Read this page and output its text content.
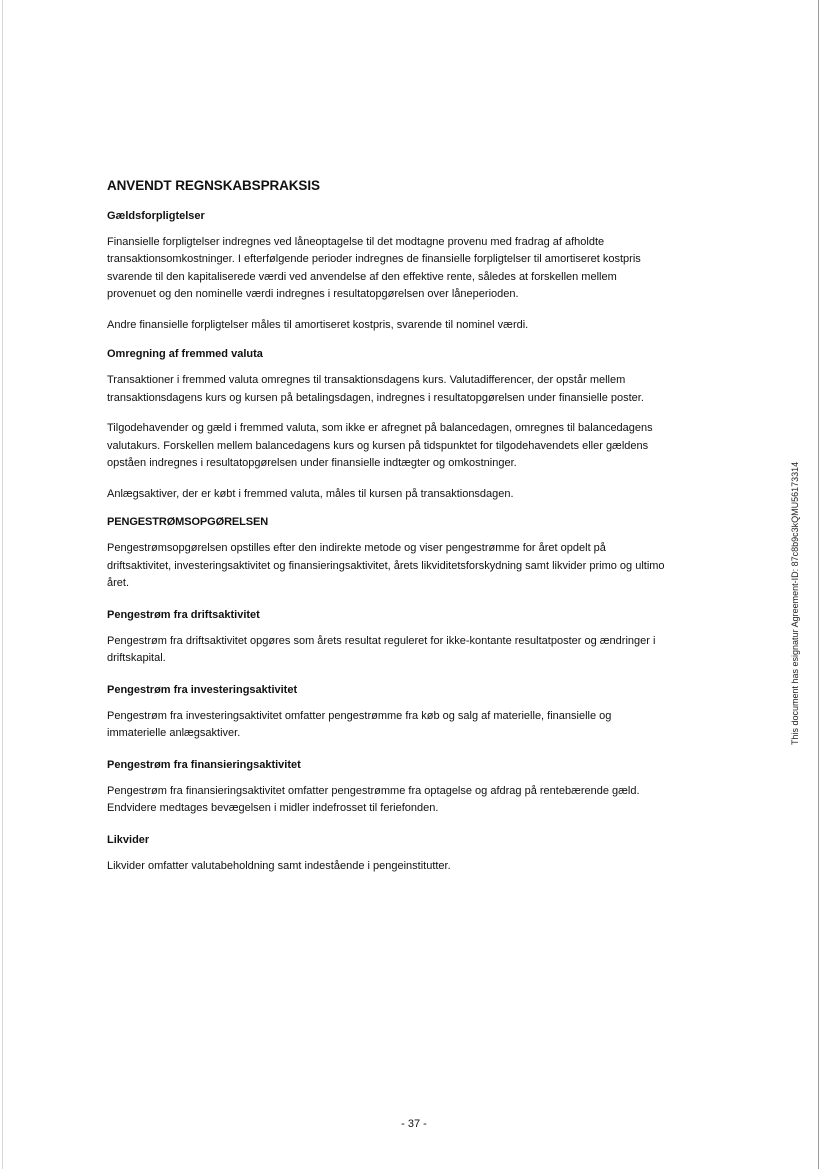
ANVENDT REGNSKABSPRAKSIS
Gældsforpligtelser

Finansielle forpligtelser indregnes ved låneoptagelse til det modtagne provenu med fradrag af afholdte transaktionsomkostninger. I efterfølgende perioder indregnes de finansielle forpligtelser til amortiseret kostpris svarende til den kapitaliserede værdi ved anvendelse af den effektive rente, således at forskellen mellem provenuet og den nominelle værdi indregnes i resultatopgørelsen over låneperioden.

Andre finansielle forpligtelser måles til amortiseret kostpris, svarende til nominel værdi.

Omregning af fremmed valuta

Transaktioner i fremmed valuta omregnes til transaktionsdagens kurs. Valutadifferencer, der opstår mellem transaktionsdagens kurs og kursen på betalingsdagen, indregnes i resultatopgørelsen under finansielle poster.

Tilgodehavender og gæld i fremmed valuta, som ikke er afregnet på balancedagen, omregnes til balancedagens valutakurs. Forskellen mellem balancedagens kurs og kursen på tidspunktet for tilgodehavendets eller gældens opståen indregnes i resultatopgørelsen under finansielle indtægter og omkostninger.

Anlægsaktiver, der er købt i fremmed valuta, måles til kursen på transaktionsdagen.

PENGESTRØMSOPGØRELSEN

Pengestrømsopgørelsen opstilles efter den indirekte metode og viser pengestrømme for året opdelt på driftsaktivitet, investeringsaktivitet og finansieringsaktivitet, årets likviditetsforskydning samt likvider primo og ultimo året.

Pengestrøm fra driftsaktivitet

Pengestrøm fra driftsaktivitet opgøres som årets resultat reguleret for ikke-kontante resultatposter og ændringer i driftskapital.

Pengestrøm fra investeringsaktivitet

Pengestrøm fra investeringsaktivitet omfatter pengestrømme fra køb og salg af materielle, finansielle og immaterielle anlægsaktiver.

Pengestrøm fra finansieringsaktivitet

Pengestrøm fra finansieringsaktivitet omfatter pengestrømme fra optagelse og afdrag på rentebærende gæld. Endvidere medtages bevægelsen i midler indefrosset til feriefonden.

Likvider

Likvider omfatter valutabeholdning samt indestående i pengeinstitutter.

This document has esignatur Agreement-ID: 87c8b9c3kQMU56173314
- 37 -
